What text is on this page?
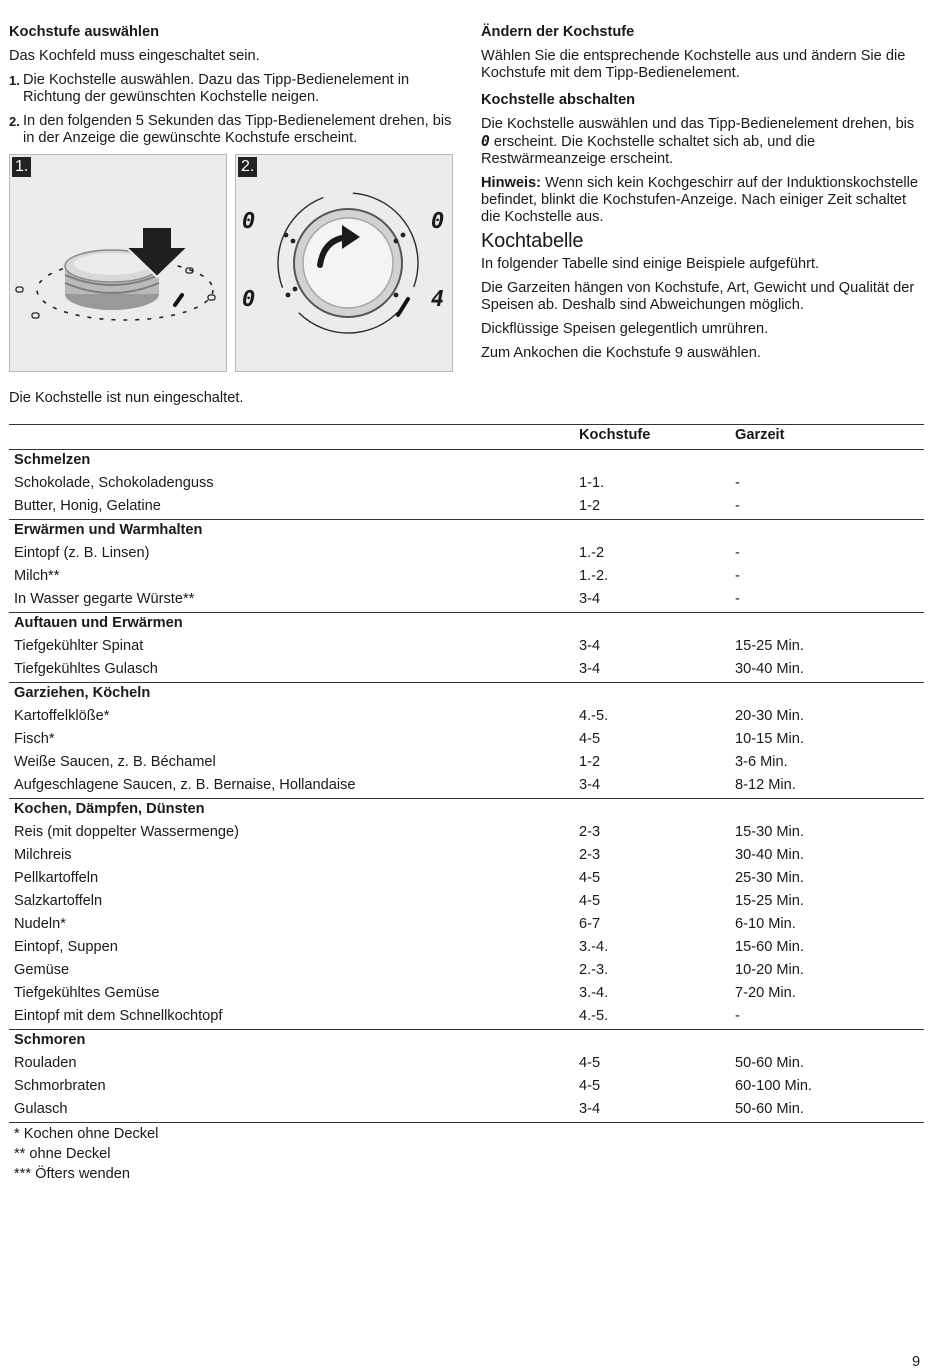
Kochstufe auswählen

Das Kochfeld muss eingeschaltet sein.

1. Die Kochstelle auswählen. Dazu das Tipp-Bedienelement in Richtung der gewünschten Kochstelle neigen.
2. In den folgenden 5 Sekunden das Tipp-Bedienelement drehen, bis in der Anzeige die gewünschte Kochstufe erscheint.
1.	2.
0	0
0	4

Die Kochstelle ist nun eingeschaltet.

Ändern der Kochstufe

Wählen Sie die entsprechende Kochstelle aus und ändern Sie die Kochstufe mit dem Tipp-Bedienelement.

Kochstelle abschalten

Die Kochstelle auswählen und das Tipp-Bedienelement drehen, bis 0 erscheint. Die Kochstelle schaltet sich ab, und die Restwärmeanzeige erscheint.

Hinweis: Wenn sich kein Kochgeschirr auf der Induktionskochstelle befindet, blinkt die Kochstufen-Anzeige. Nach einiger Zeit schaltet die Kochstelle aus.

Kochtabelle

In folgender Tabelle sind einige Beispiele aufgeführt.

Die Garzeiten hängen von Kochstufe, Art, Gewicht und Qualität der Speisen ab. Deshalb sind Abweichungen möglich.

Dickflüssige Speisen gelegentlich umrühren.

Zum Ankochen die Kochstufe 9 auswählen.

Kochstufe	Garzeit
Schmelzen
Schokolade, Schokoladenguss	1-1.	-
Butter, Honig, Gelatine	1-2	-
Erwärmen und Warmhalten
Eintopf (z. B. Linsen)	1.-2	-
Milch**	1.-2.	-
In Wasser gegarte Würste**	3-4	-
Auftauen und Erwärmen
Tiefgekühlter Spinat	3-4	15-25 Min.
Tiefgekühltes Gulasch	3-4	30-40 Min.
Garziehen, Köcheln
Kartoffelklöße*	4.-5.	20-30 Min.
Fisch*	4-5	10-15 Min.
Weiße Saucen, z. B. Béchamel	1-2	3-6 Min.
Aufgeschlagene Saucen, z. B. Bernaise, Hollandaise	3-4	8-12 Min.
Kochen, Dämpfen, Dünsten
Reis (mit doppelter Wassermenge)	2-3	15-30 Min.
Milchreis	2-3	30-40 Min.
Pellkartoffeln	4-5	25-30 Min.
Salzkartoffeln	4-5	15-25 Min.
Nudeln*	6-7	6-10 Min.
Eintopf, Suppen	3.-4.	15-60 Min.
Gemüse	2.-3.	10-20 Min.
Tiefgekühltes Gemüse	3.-4.	7-20 Min.
Eintopf mit dem Schnellkochtopf	4.-5.	-
Schmoren
Rouladen	4-5	50-60 Min.
Schmorbraten	4-5	60-100 Min.
Gulasch	3-4	50-60 Min.
* Kochen ohne Deckel
** ohne Deckel
*** Öfters wenden
9
